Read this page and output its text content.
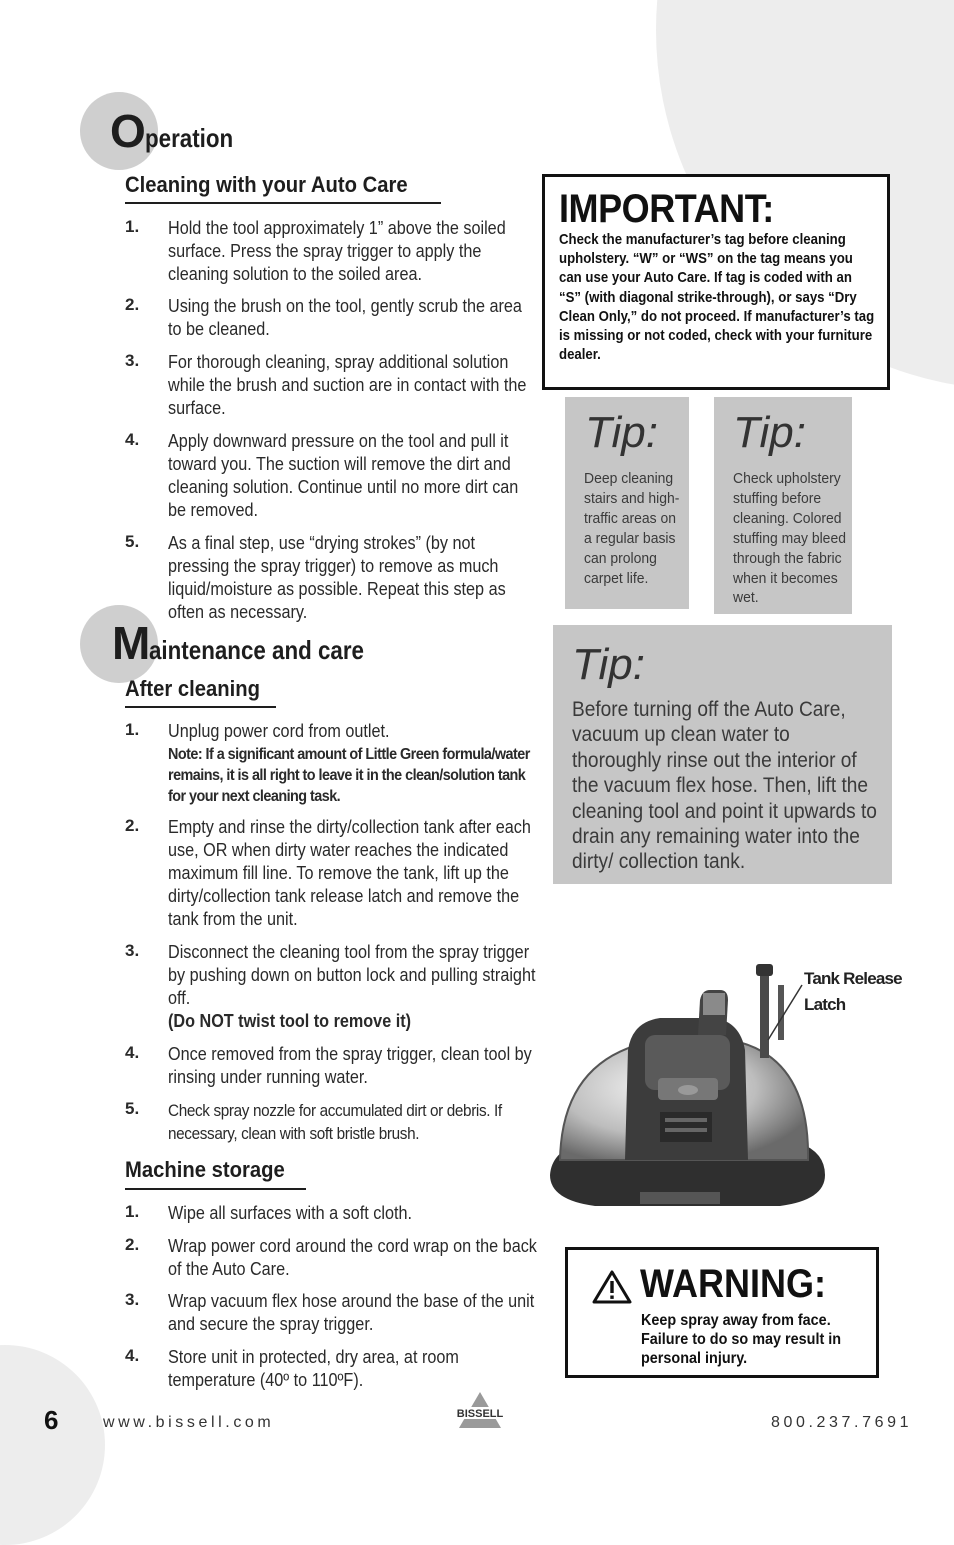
Operation
Cleaning with your Auto Care
1. Hold the tool approximately 1” above the soiled surface. Press the spray trigger to apply the cleaning solution to the soiled area.
2. Using the brush on the tool, gently scrub the area to be cleaned.
3. For thorough cleaning, spray additional solution while the brush and suction are in contact with the surface.
4. Apply downward pressure on the tool and pull it toward you. The suction will remove the dirt and cleaning solution. Continue until no more dirt can be removed.
5. As a final step, use “drying strokes” (by not pressing the spray trigger) to remove as much liquid/moisture as possible. Repeat this step as often as necessary.
Maintenance and care
After cleaning
1. Unplug power cord from outlet.
Note: If a significant amount of Little Green formula/water remains, it is all right to leave it in the clean/solution tank for your next cleaning task.
2. Empty and rinse the dirty/collection tank after each use, OR when dirty water reaches the indicated maximum fill line. To remove the tank, lift up the dirty/collection tank release latch and remove the tank from the unit.
3. Disconnect the cleaning tool from the spray trigger by pushing down on button lock and pulling straight off.
(Do NOT twist tool to remove it)
4. Once removed from the spray trigger, clean tool by rinsing under running water.
5. Check spray nozzle for accumulated dirt or debris. If necessary, clean with soft bristle brush.
Machine storage
1. Wipe all surfaces with a soft cloth.
2. Wrap power cord around the cord wrap on the back of the Auto Care.
3. Wrap vacuum flex hose around the base of the unit and secure the spray trigger.
4. Store unit in protected, dry area, at room temperature (40º to 110ºF).
IMPORTANT:
Check the manufacturer’s tag before cleaning upholstery. “W” or “WS” on the tag means you can use your Auto Care. If tag is coded with an “S” (with diagonal strike-through), or says “Dry Clean Only,” do not proceed. If manufacturer’s tag is missing or not coded, check with your furniture dealer.
Tip:
Deep cleaning stairs and high-traffic areas on a regular basis can prolong carpet life.
Tip:
Check upholstery stuffing before cleaning. Colored stuffing may bleed through the fabric when it becomes wet.
Tip:
Before turning off the Auto Care, vacuum up clean water to thoroughly rinse out the interior of the vacuum flex hose. Then, lift the cleaning tool and point it upwards to drain any remaining water into the dirty/ collection tank.
Tank Release Latch
WARNING:
Keep spray away from face. Failure to do so may result in personal injury.
6	www.bissell.com	800.237.7691
BISSELL
